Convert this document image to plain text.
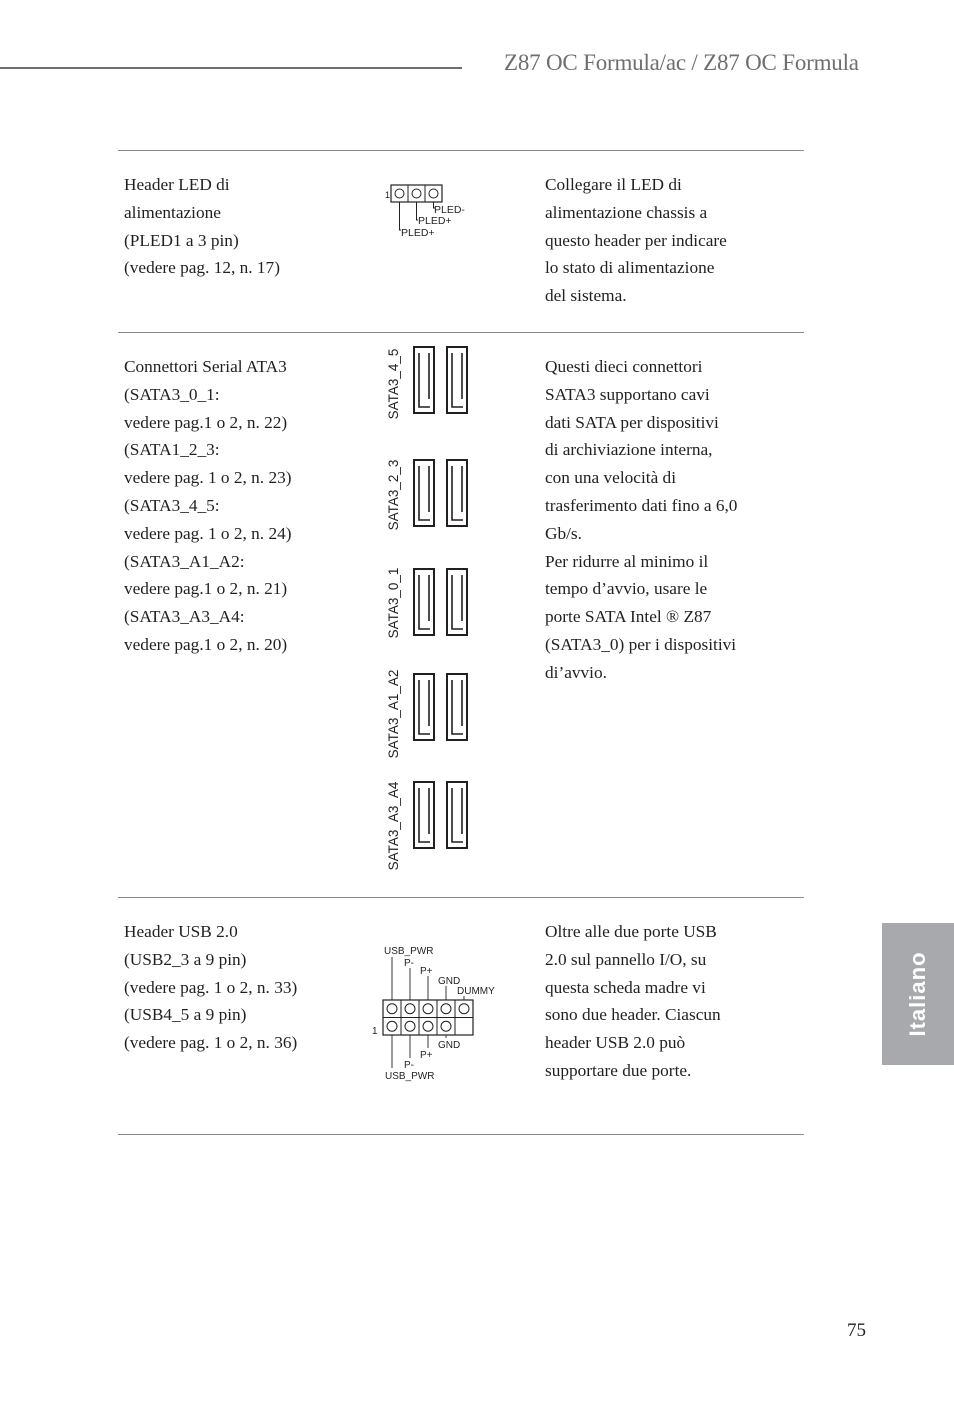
Z87 OC Formula/ac / Z87 OC Formula
Header LED di
alimentazione
(PLED1 a 3 pin)
(vedere pag. 12, n. 17)
1
PLED-
PLED+
PLED+
Collegare il LED di
alimentazione chassis a
questo header per indicare
lo stato di alimentazione
del sistema.
Connettori Serial ATA3
(SATA3_0_1:
vedere pag.1 o 2, n. 22)
(SATA1_2_3:
vedere pag. 1 o 2, n. 23)
(SATA3_4_5:
vedere pag. 1 o 2, n. 24)
(SATA3_A1_A2:
vedere pag.1 o 2, n. 21)
(SATA3_A3_A4:
vedere pag.1 o 2, n. 20)
SATA3_4_5
SATA3_2_3
SATA3_0_1
SATA3_A1_A2
SATA3_A3_A4
Questi dieci connettori
SATA3 supportano cavi
dati SATA per dispositivi
di archiviazione interna,
con una velocità di
trasferimento dati fino a 6,0
Gb/s.
Per ridurre al minimo il
tempo d’avvio, usare le
porte SATA Intel ® Z87
(SATA3_0) per i dispositivi
di’avvio.
Header USB 2.0
(USB2_3 a 9 pin)
(vedere pag. 1 o 2, n. 33)
(USB4_5 a 9 pin)
(vedere pag. 1 o 2, n. 36)
USB_PWR
P-
P+
GND
DUMMY
1
GND
P+
P-
USB_PWR
Oltre alle due porte USB
2.0 sul pannello I/O, su
questa scheda madre vi
sono due header. Ciascun
header USB 2.0 può
supportare due porte.
Italiano
75
